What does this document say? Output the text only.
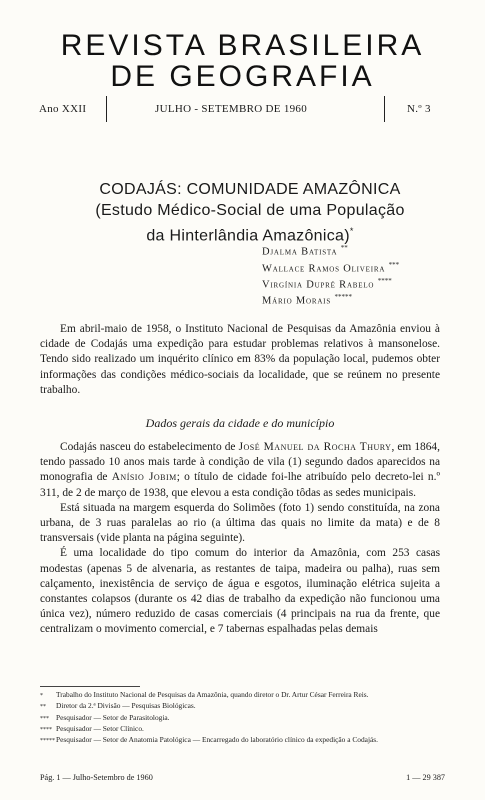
REVISTA BRASILEIRA
DE GEOGRAFIA
Ano XXII	JULHO - SETEMBRO DE 1960	N.º 3
CODAJÁS: COMUNIDADE AMAZÔNICA
(Estudo Médico-Social de uma População
da Hinterlândia Amazônica)*
Djalma Batista **
Wallace Ramos Oliveira ***
Virgínia Dupré Rabelo ****
Mário Morais *****

Em abril-maio de 1958, o Instituto Nacional de Pesquisas da Amazônia enviou à cidade de Codajás uma expedição para estudar problemas relativos à mansonelose. Tendo sido realizado um inquérito clínico em 83% da população local, pudemos obter informações das condições médico-sociais da localidade, que se reúnem no presente trabalho.

Dados gerais da cidade e do município

Codajás nasceu do estabelecimento de José Manuel da Rocha Thury, em 1864, tendo passado 10 anos mais tarde à condição de vila (1) segundo dados aparecidos na monografia de Anísio Jobim; o título de cidade foi-lhe atribuído pelo decreto-lei n.º 311, de 2 de março de 1938, que elevou a esta condição tôdas as sedes municipais.

Está situada na margem esquerda do Solimões (foto 1) sendo constituída, na zona urbana, de 3 ruas paralelas ao rio (a última das quais no limite da mata) e de 8 transversais (vide planta na página seguinte).

É uma localidade do tipo comum do interior da Amazônia, com 253 casas modestas (apenas 5 de alvenaria, as restantes de taipa, madeira ou palha), ruas sem calçamento, inexistência de serviço de água e esgotos, iluminação elétrica sujeita a constantes colapsos (durante os 42 dias de trabalho da expedição não funcionou uma única vez), número reduzido de casas comerciais (4 principais na rua da frente, que centralizam o movimento comercial, e 7 tabernas espalhadas pelas demais

* Trabalho do Instituto Nacional de Pesquisas da Amazônia, quando diretor o Dr. Artur César Ferreira Reis.

** Diretor da 2.ª Divisão — Pesquisas Biológicas.

*** Pesquisador — Setor de Parasitologia.

**** Pesquisador — Setor Clínico.

*****Pesquisador — Setor de Anatomia Patológica — Encarregado do laboratório clínico da expedição a Codajás.

Pág. 1 — Julho-Setembro de 1960	1 — 29 387
